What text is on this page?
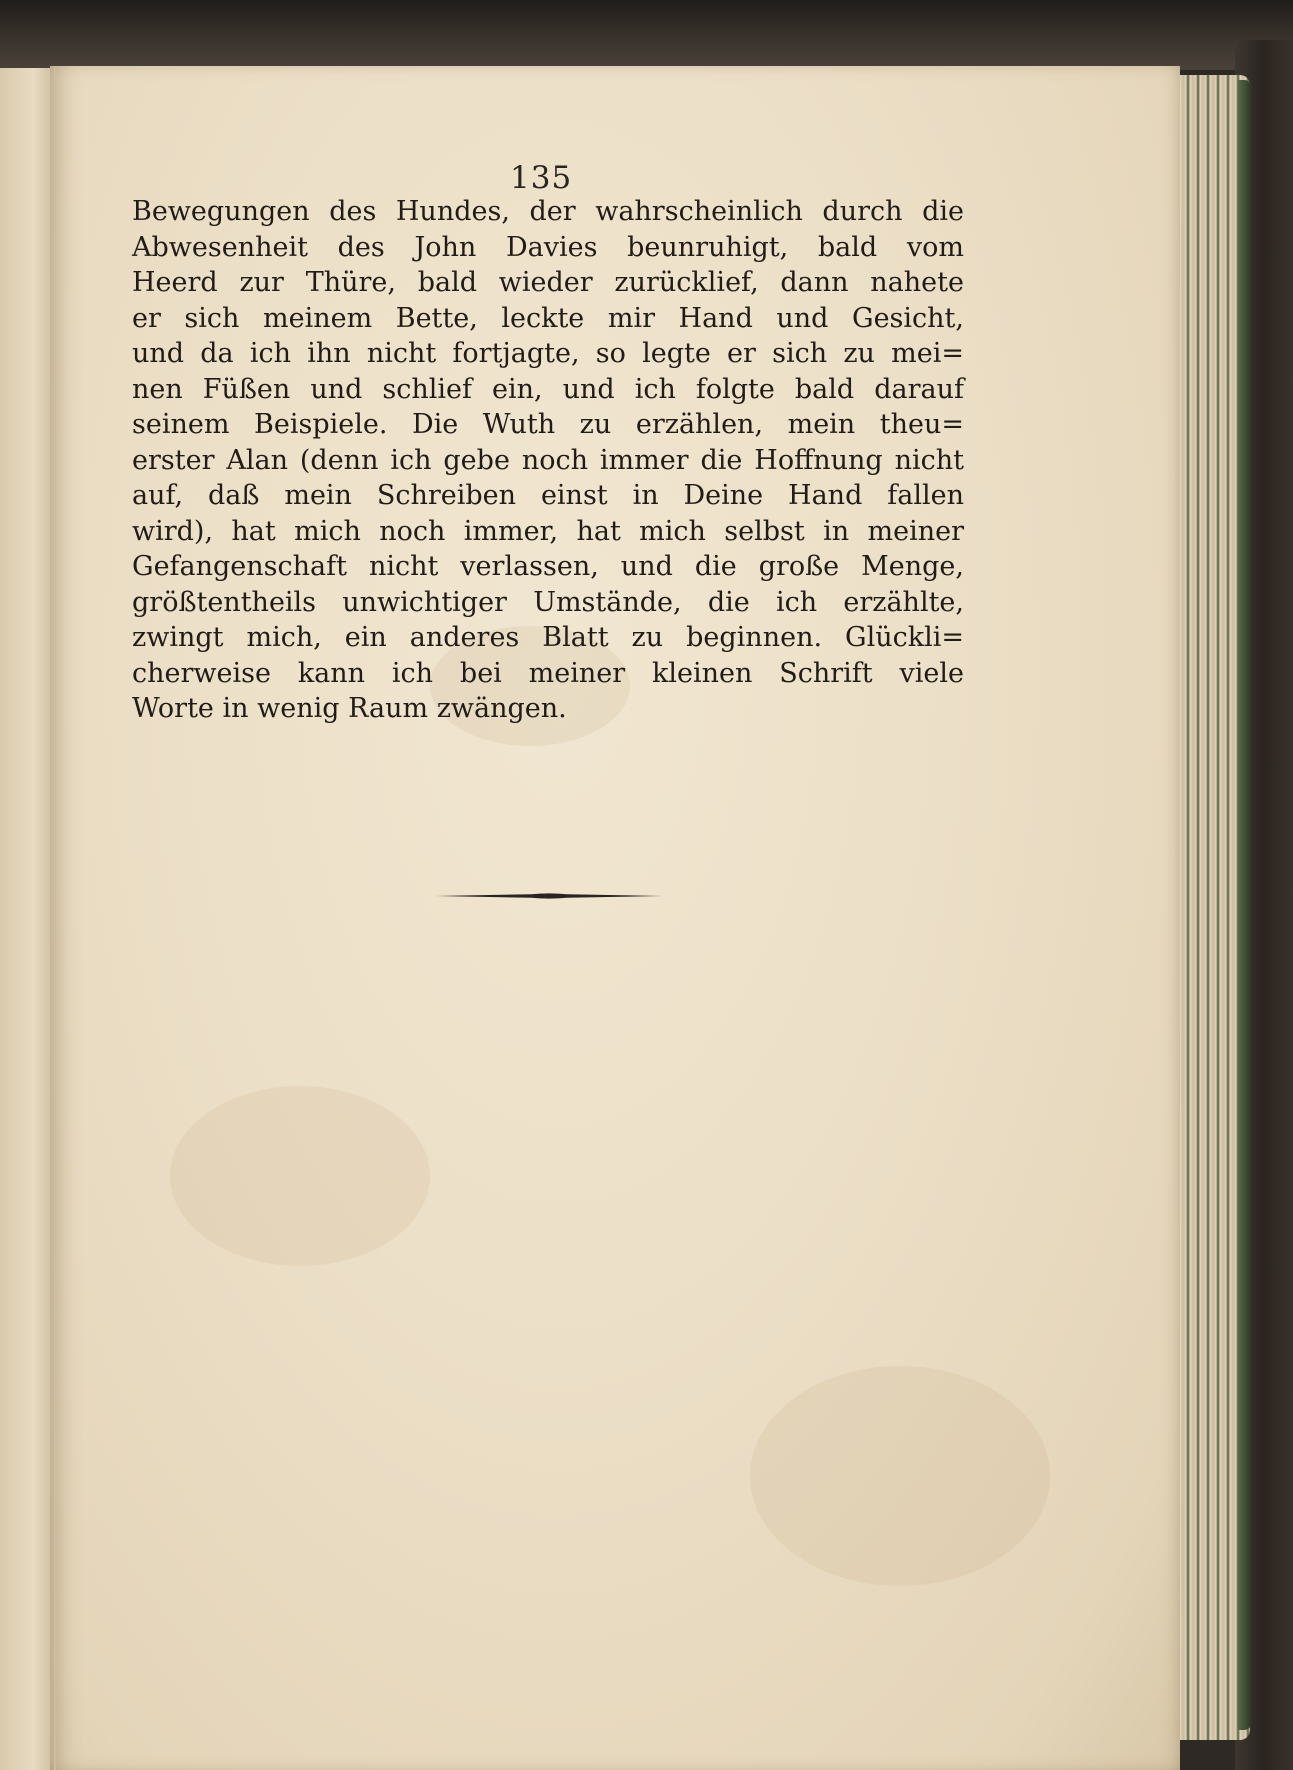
135
Bewegungen des Hundes, der wahrscheinlich durch die
Abwesenheit des John Davies beunruhigt, bald vom
Heerd zur Thüre, bald wieder zurücklief, dann nahete
er sich meinem Bette, leckte mir Hand und Gesicht,
und da ich ihn nicht fortjagte, so legte er sich zu mei=
nen Füßen und schlief ein, und ich folgte bald darauf
seinem Beispiele. Die Wuth zu erzählen, mein theu=
erster Alan (denn ich gebe noch immer die Hoffnung nicht
auf, daß mein Schreiben einst in Deine Hand fallen
wird), hat mich noch immer, hat mich selbst in meiner
Gefangenschaft nicht verlassen, und die große Menge,
größtentheils unwichtiger Umstände, die ich erzählte,
zwingt mich, ein anderes Blatt zu beginnen. Glückli=
cherweise kann ich bei meiner kleinen Schrift viele
Worte in wenig Raum zwängen.
